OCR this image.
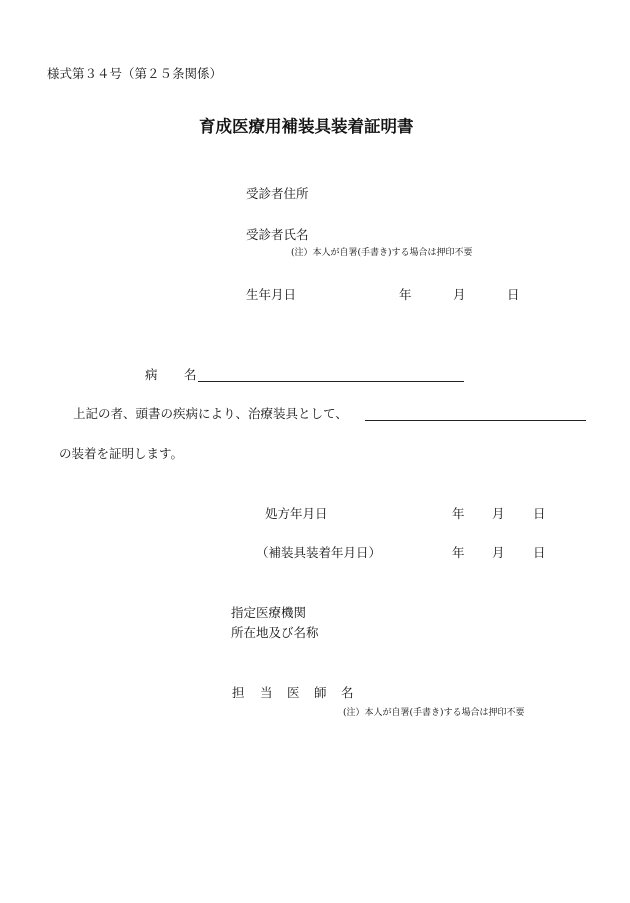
様式第３４号（第２５条関係）
育成医療用補装具装着証明書
受診者住所
受診者氏名
(注）本人が自署(手書き)する場合は押印不要
生年月日	年	月	日
病 名
上記の者、頭書の疾病により、治療装具として、
の装着を証明します。
処方年月日	年 月 日
（補装具装着年月日）	年 月 日
指定医療機関
所在地及び名称
担 当 医 師 名
(注）本人が自署(手書き)する場合は押印不要
